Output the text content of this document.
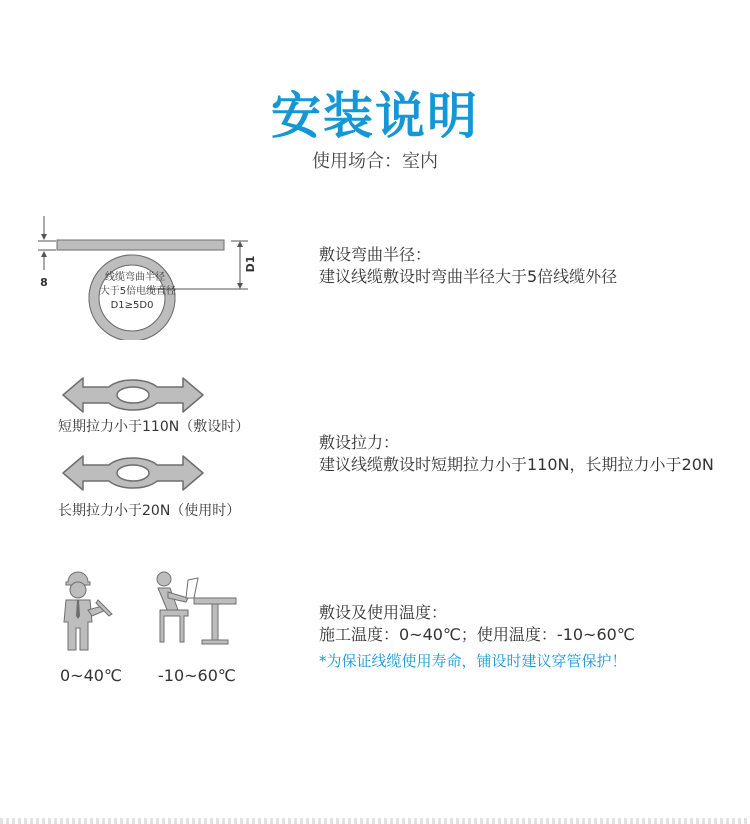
安装说明
使用场合：室内
8
D1
线缆弯曲半径
大于5倍电缆直径
D1≥5D0
敷设弯曲半径：
建议线缆敷设时弯曲半径大于5倍线缆外径
短期拉力小于110N（敷设时）
长期拉力小于20N（使用时）
敷设拉力：
建议线缆敷设时短期拉力小于110N，长期拉力小于20N
0~40℃ -10~60℃
敷设及使用温度：
施工温度：0~40℃；使用温度：-10~60℃
*为保证线缆使用寿命，铺设时建议穿管保护！
